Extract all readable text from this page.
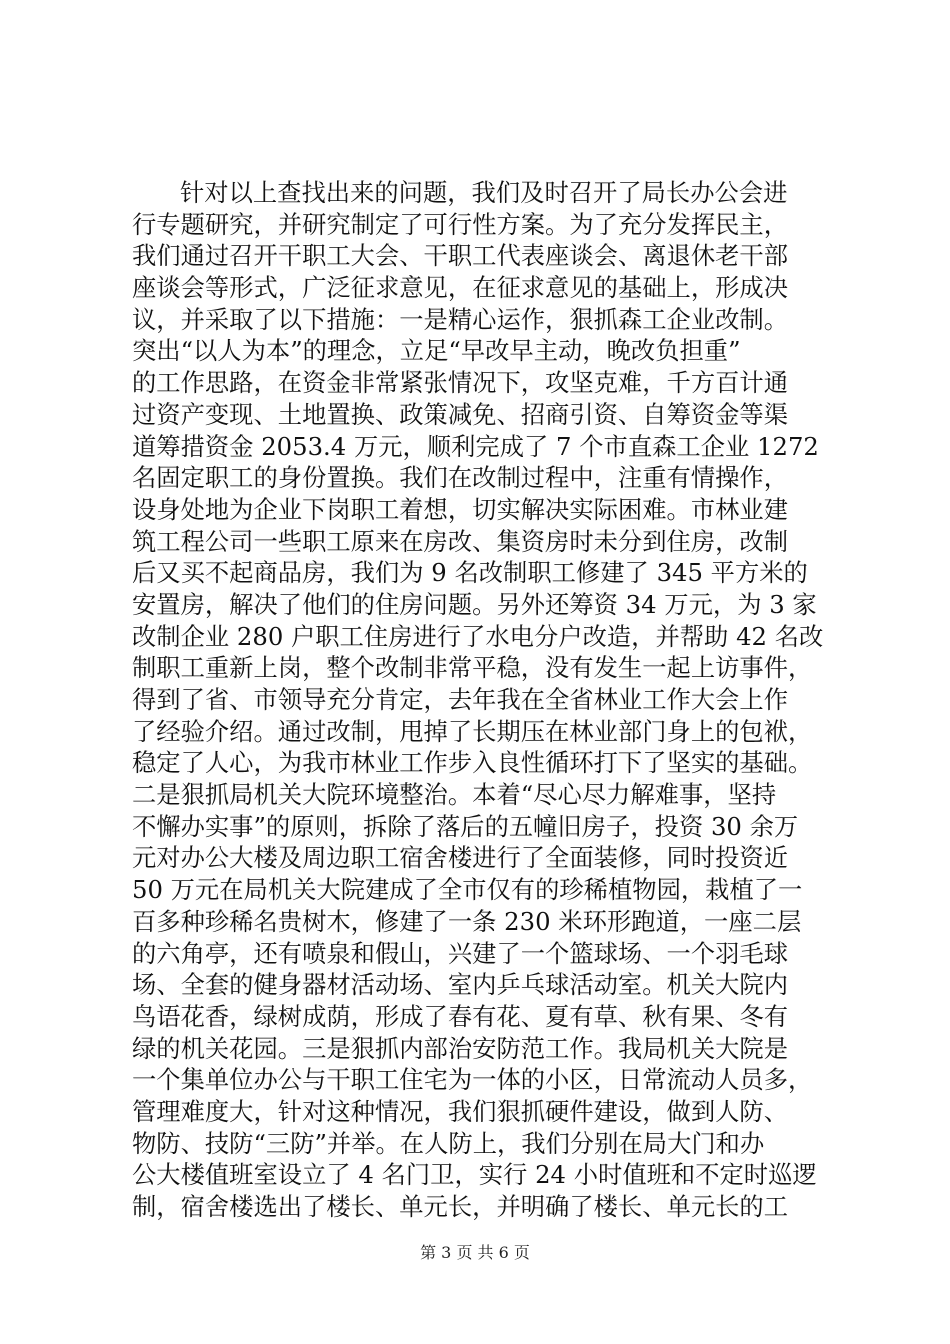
针对以上查找出来的问题，我们及时召开了局长办公会进
行专题研究，并研究制定了可行性方案。为了充分发挥民主，
我们通过召开干职工大会、干职工代表座谈会、离退休老干部
座谈会等形式，广泛征求意见，在征求意见的基础上，形成决
议，并采取了以下措施：一是精心运作，狠抓森工企业改制。
突出“以人为本”的理念，立足“早改早主动，晚改负担重”
的工作思路，在资金非常紧张情况下，攻坚克难，千方百计通
过资产变现、土地置换、政策减免、招商引资、自筹资金等渠
道筹措资金 2053.4 万元，顺利完成了 7 个市直森工企业 1272
名固定职工的身份置换。我们在改制过程中，注重有情操作，
设身处地为企业下岗职工着想，切实解决实际困难。市林业建
筑工程公司一些职工原来在房改、集资房时未分到住房，改制
后又买不起商品房，我们为 9 名改制职工修建了 345 平方米的
安置房，解决了他们的住房问题。另外还筹资 34 万元，为 3 家
改制企业 280 户职工住房进行了水电分户改造，并帮助 42 名改
制职工重新上岗，整个改制非常平稳，没有发生一起上访事件，
得到了省、市领导充分肯定，去年我在全省林业工作大会上作
了经验介绍。通过改制，甩掉了长期压在林业部门身上的包袱，
稳定了人心，为我市林业工作步入良性循环打下了坚实的基础。
二是狠抓局机关大院环境整治。本着“尽心尽力解难事，坚持
不懈办实事”的原则，拆除了落后的五幢旧房子，投资 30 余万
元对办公大楼及周边职工宿舍楼进行了全面装修，同时投资近
50 万元在局机关大院建成了全市仅有的珍稀植物园，栽植了一
百多种珍稀名贵树木，修建了一条 230 米环形跑道，一座二层
的六角亭，还有喷泉和假山，兴建了一个篮球场、一个羽毛球
场、全套的健身器材活动场、室内乒乓球活动室。机关大院内
鸟语花香，绿树成荫，形成了春有花、夏有草、秋有果、冬有
绿的机关花园。三是狠抓内部治安防范工作。我局机关大院是
一个集单位办公与干职工住宅为一体的小区，日常流动人员多，
管理难度大，针对这种情况，我们狠抓硬件建设，做到人防、
物防、技防“三防”并举。在人防上，我们分别在局大门和办
公大楼值班室设立了 4 名门卫，实行 24 小时值班和不定时巡逻
制，宿舍楼选出了楼长、单元长，并明确了楼长、单元长的工
第 3 页 共 6 页
